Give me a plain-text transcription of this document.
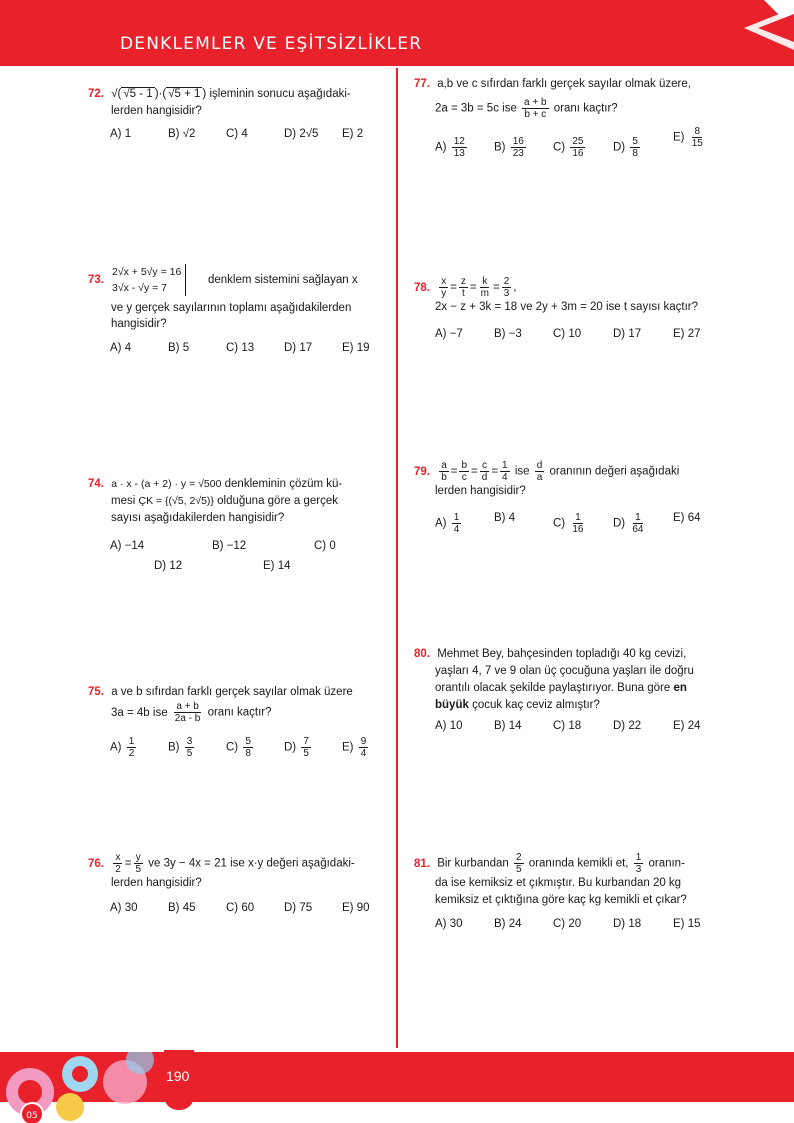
DENKLEMLER VE EŞİTSİZLİKLER
72. √( √5 - 1 )·( √5 + 1 ) işleminin sonucu aşağıdaki-
lerden hangisidir?
A) 1	B) √2	C) 4	D) 2√5 E) 2
73.
2√x + 5√y = 16
3√x - √y = 7
denklem sistemini sağlayan x
ve y gerçek sayılarının toplamı aşağıdakilerden
hangisidir?
A) 4	B) 5	C) 13	D) 17	E) 19
74. a · x - (a + 2) · y = √500 denkleminin çözüm kü-
mesi ÇK = {(√5, 2√5)} olduğuna göre a gerçek
sayısı aşağıdakilerden hangisidir?
A) −14	B) −12	C) 0
D) 12	E) 14
75. a ve b sıfırdan farklı gerçek sayılar olmak üzere
3a = 4b ise $\frac{a + b}{2a - b}$ oranı kaçtır?
$A) \frac{1}{2}$	$B) \frac{3}{5}$	$C) \frac{5}{8}$	$D) \frac{7}{5}$	$E) \frac{9}{4}$
76. $\frac{x}{2} = \frac{y}{5}$ ve 3y − 4x = 21 ise x·y değeri aşağıdaki-
lerden hangisidir?
A) 30	B) 45	C) 60	D) 75	E) 90
77. a,b ve c sıfırdan farklı gerçek sayılar olmak üzere,

2a = 3b = 5c ise $\frac{a + b}{b + c}$ oranı kaçtır?
$A) \frac{12}{13} B) \frac{16}{23} C) \frac{25}{16} D) \frac{5}{8}$	$E) \frac{8}{15}$
78. $\frac{x}{y} = \frac{z}{t} = \frac{k}{m} = \frac{2}{3}$ ,
2x − z + 3k = 18 ve 2y + 3m = 20 ise t sayısı kaçtır?
A) −7	B) −3	C) 10	D) 17	E) 27
79. $\frac{a}{b} = \frac{b}{c} = \frac{c}{d} = \frac{1}{4}$ ise $\frac{d}{a}$ oranının değeri aşağıdaki
lerden hangisidir?
$A) \frac{1}{4}$	B) 4	$C) \frac{1}{16} D) \frac{1}{64} E$) 64
80. Mehmet Bey, bahçesinden topladığı 40 kg cevizi,
yaşları 4, 7 ve 9 olan üç çocuğuna yaşları ile doğru
orantılı olacak şekilde paylaştırıyor. Buna göre en
büyük çocuk kaç ceviz almıştır?
A) 10	B) 14	C) 18	D) 22	E) 24
81. Bir kurbandan $\frac{2}{5}$ oranında kemikli et, $\frac{1}{3}$ oranın-
da ise kemiksiz et çıkmıştır. Bu kurbandan 20 kg
kemiksiz et çıktığına göre kaç kg kemikli et çıkar?
A) 30	B) 24	C) 20	D) 18	E) 15
05
190
